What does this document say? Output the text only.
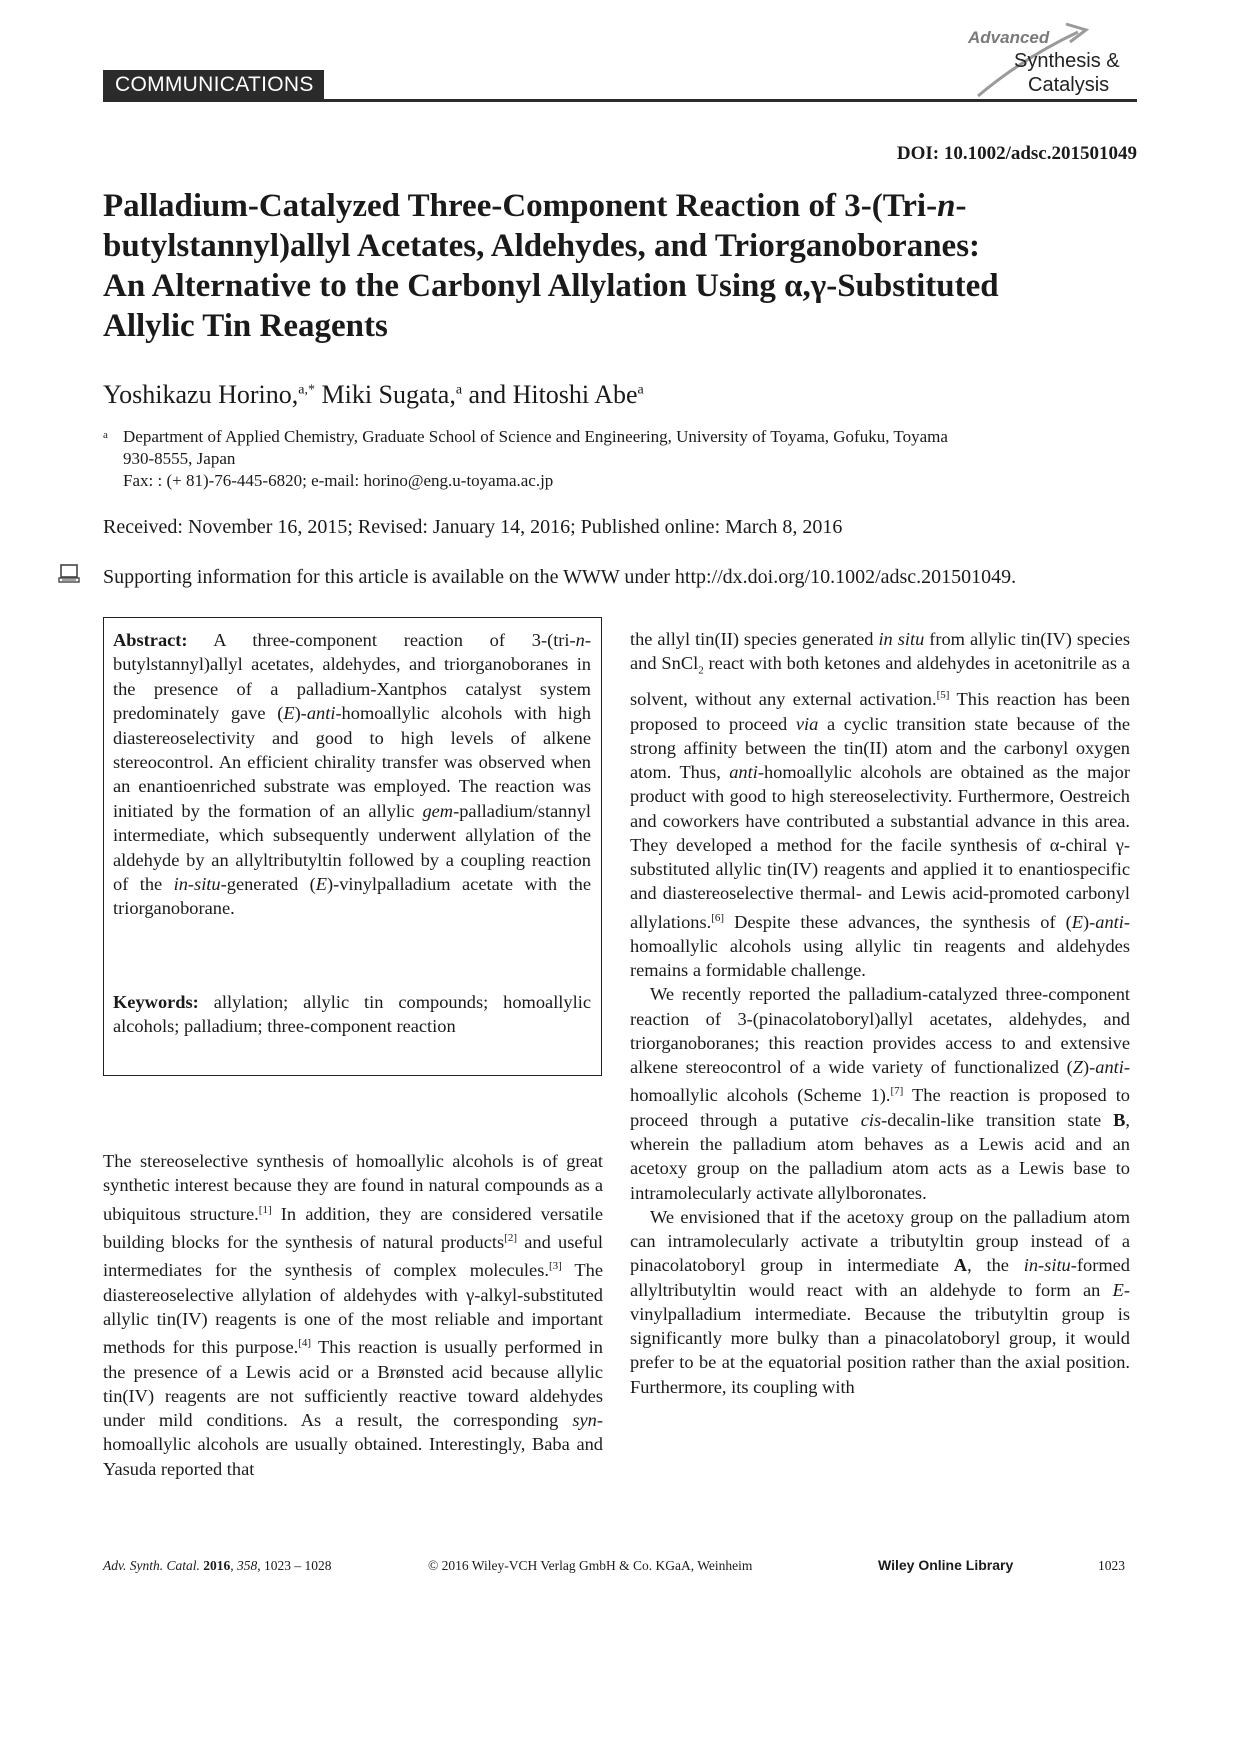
COMMUNICATIONS
Advanced
Synthesis &
Catalysis
DOI: 10.1002/adsc.201501049
Palladium-Catalyzed Three-Component Reaction of 3-(Tri-n-
butylstannyl)allyl Acetates, Aldehydes, and Triorganoboranes:
An Alternative to the Carbonyl Allylation Using α,γ-Substituted
Allylic Tin Reagents
Yoshikazu Horino,$^{a,*}$ Miki Sugata,$^a$ and Hitoshi Abe$^a$
a Department of Applied Chemistry, Graduate School of Science and Engineering, University of Toyama, Gofuku, Toyama
930-8555, Japan
Fax: : (+ 81)-76-445-6820; e-mail: horino@eng.u-toyama.ac.jp
Received: November 16, 2015; Revised: January 14, 2016; Published online: March 8, 2016
Supporting information for this article is available on the WWW under http://dx.doi.org/10.1002/adsc.201501049.
Abstract: A three-component reaction of 3-(tri-n-butylstannyl)allyl acetates, aldehydes, and triorganoboranes in the presence of a palladium-Xantphos catalyst system predominately gave (E)-anti-homoallylic alcohols with high diastereoselectivity and good to high levels of alkene stereocontrol. An efficient chirality transfer was observed when an enantioenriched substrate was employed. The reaction was initiated by the formation of an allylic gem-palladium/stannyl intermediate, which subsequently underwent allylation of the aldehyde by an allyltributyltin followed by a coupling reaction of the in-situ-generated (E)-vinylpalladium acetate with the triorganoborane.
Keywords: allylation; allylic tin compounds; homoallylic alcohols; palladium; three-component reaction

The stereoselective synthesis of homoallylic alcohols is of great synthetic interest because they are found in natural compounds as a ubiquitous structure.[1] In addition, they are considered versatile building blocks for the synthesis of natural products[2] and useful intermediates for the synthesis of complex molecules.[3] The diastereoselective allylation of aldehydes with γ-alkyl-substituted allylic tin(IV) reagents is one of the most reliable and important methods for this purpose.[4] This reaction is usually performed in the presence of a Lewis acid or a Brønsted acid because allylic tin(IV) reagents are not sufficiently reactive toward aldehydes under mild conditions. As a result, the corresponding syn-homoallylic alcohols are usually obtained. Interestingly, Baba and Yasuda reported that

the allyl tin(II) species generated in situ from allylic tin(IV) species and SnCl$_2$ react with both ketones and aldehydes in acetonitrile as a solvent, without any external activation.[5] This reaction has been proposed to proceed via a cyclic transition state because of the strong affinity between the tin(II) atom and the carbonyl oxygen atom. Thus, anti-homoallylic alcohols are obtained as the major product with good to high stereoselectivity. Furthermore, Oestreich and coworkers have contributed a substantial advance in this area. They developed a method for the facile synthesis of α-chiral γ-substituted allylic tin(IV) reagents and applied it to enantiospecific and diastereoselective thermal- and Lewis acid-promoted carbonyl allylations.[6] Despite these advances, the synthesis of (E)-anti-homoallylic alcohols using allylic tin reagents and aldehydes remains a formidable challenge.

We recently reported the palladium-catalyzed three-component reaction of 3-(pinacolatoboryl)allyl acetates, aldehydes, and triorganoboranes; this reaction provides access to and extensive alkene stereocontrol of a wide variety of functionalized (Z)-anti-homoallylic alcohols (Scheme 1).[7] The reaction is proposed to proceed through a putative cis-decalin-like transition state B, wherein the palladium atom behaves as a Lewis acid and an acetoxy group on the palladium atom acts as a Lewis base to intramolecularly activate allylboronates.

We envisioned that if the acetoxy group on the palladium atom can intramolecularly activate a tributyltin group instead of a pinacolatoboryl group in intermediate A, the in-situ-formed allyltributyltin would react with an aldehyde to form an E-vinylpalladium intermediate. Because the tributyltin group is significantly more bulky than a pinacolatoboryl group, it would prefer to be at the equatorial position rather than the axial position. Furthermore, its coupling with

Adv. Synth. Catal. 2016, 358, 1023 – 1028	© 2016 Wiley-VCH Verlag GmbH & Co. KGaA, Weinheim	Wiley Online Library	1023
